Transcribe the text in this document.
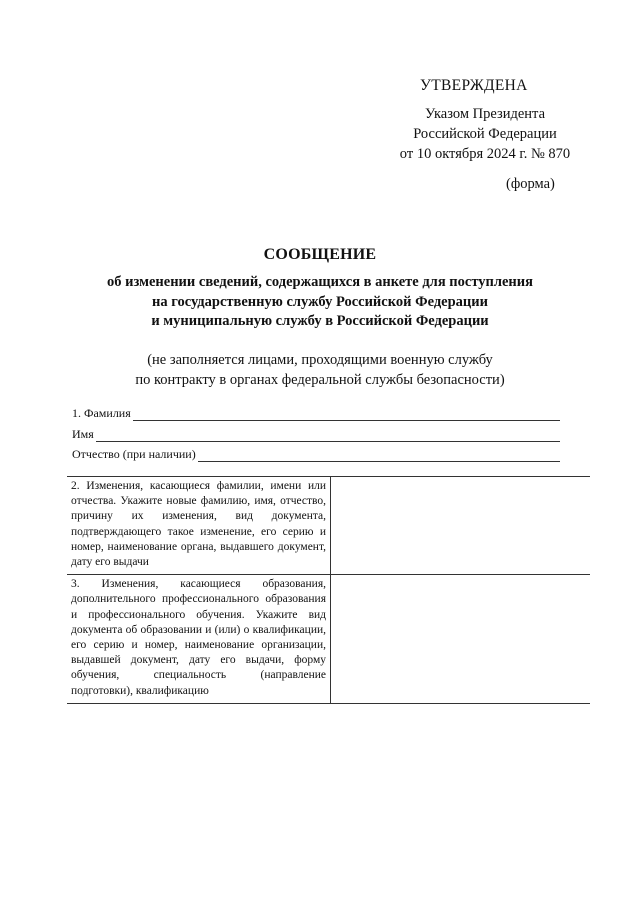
УТВЕРЖДЕНА
Указом Президента
Российской Федерации
от 10 октября 2024 г. № 870
(форма)
СООБЩЕНИЕ
об изменении сведений, содержащихся в анкете для поступления
на государственную службу Российской Федерации
и муниципальную службу в Российской Федерации
(не заполняется лицами, проходящими военную службу
по контракту в органах федеральной службы безопасности)
1. Фамилия
Имя
Отчество (при наличии)
2. Изменения, касающиеся фамилии, имени или отчества. Укажите новые фамилию, имя, отчество, причину их изменения, вид документа, подтверждающего такое изменение, его серию и номер, наименование органа, выдавшего документ, дату его выдачи	
3. Изменения, касающиеся образования, дополнительного профессионального образования и профессионального обучения. Укажите вид документа об образовании и (или) о квалификации, его серию и номер, наименование организации, выдавшей документ, дату его выдачи, форму обучения, специальность (направление подготовки), квалификацию	
